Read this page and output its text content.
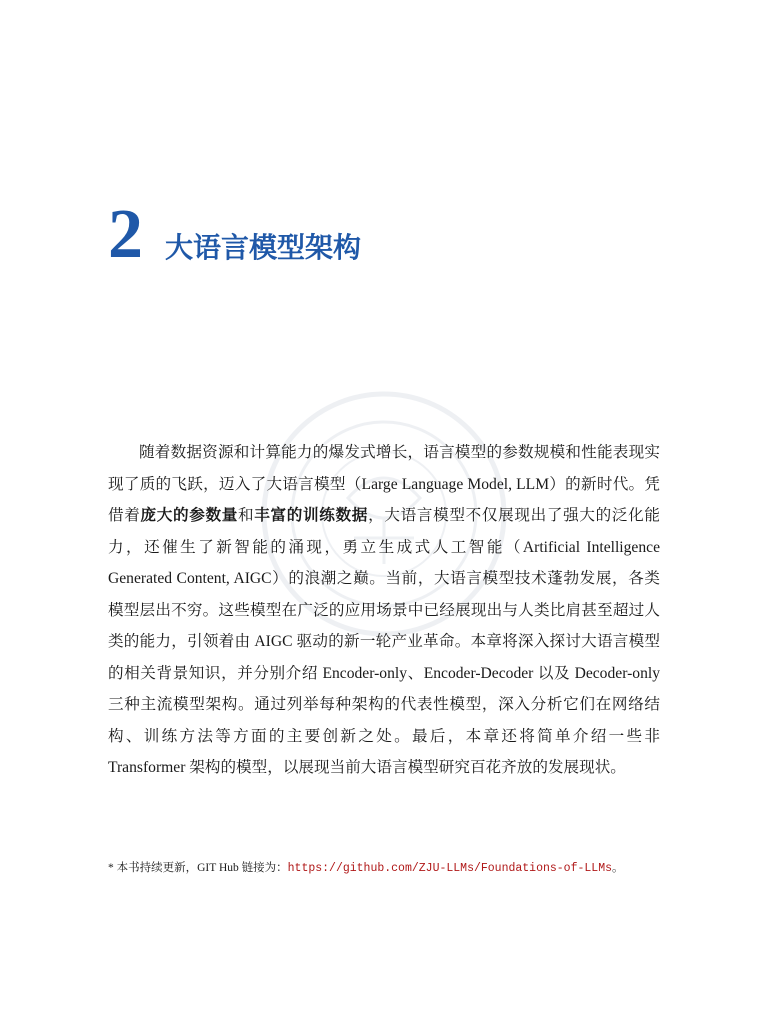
2 大语言模型架构

随着数据资源和计算能力的爆发式增长，语言模型的参数规模和性能表现实现了质的飞跃，迈入了大语言模型（Large Language Model, LLM）的新时代。凭借着庞大的参数量和丰富的训练数据，大语言模型不仅展现出了强大的泛化能力，还催生了新智能的涌现，勇立生成式人工智能（Artificial Intelligence Generated Content, AIGC）的浪潮之巅。当前，大语言模型技术蓬勃发展，各类模型层出不穷。这些模型在广泛的应用场景中已经展现出与人类比肩甚至超过人类的能力，引领着由 AIGC 驱动的新一轮产业革命。本章将深入探讨大语言模型的相关背景知识，并分别介绍 Encoder-only、Encoder-Decoder 以及 Decoder-only 三种主流模型架构。通过列举每种架构的代表性模型，深入分析它们在网络结构、训练方法等方面的主要创新之处。最后，本章还将简单介绍一些非 Transformer 架构的模型，以展现当前大语言模型研究百花齐放的发展现状。

* 本书持续更新，GIT Hub 链接为：https://github.com/ZJU-LLMs/Foundations-of-LLMs。
